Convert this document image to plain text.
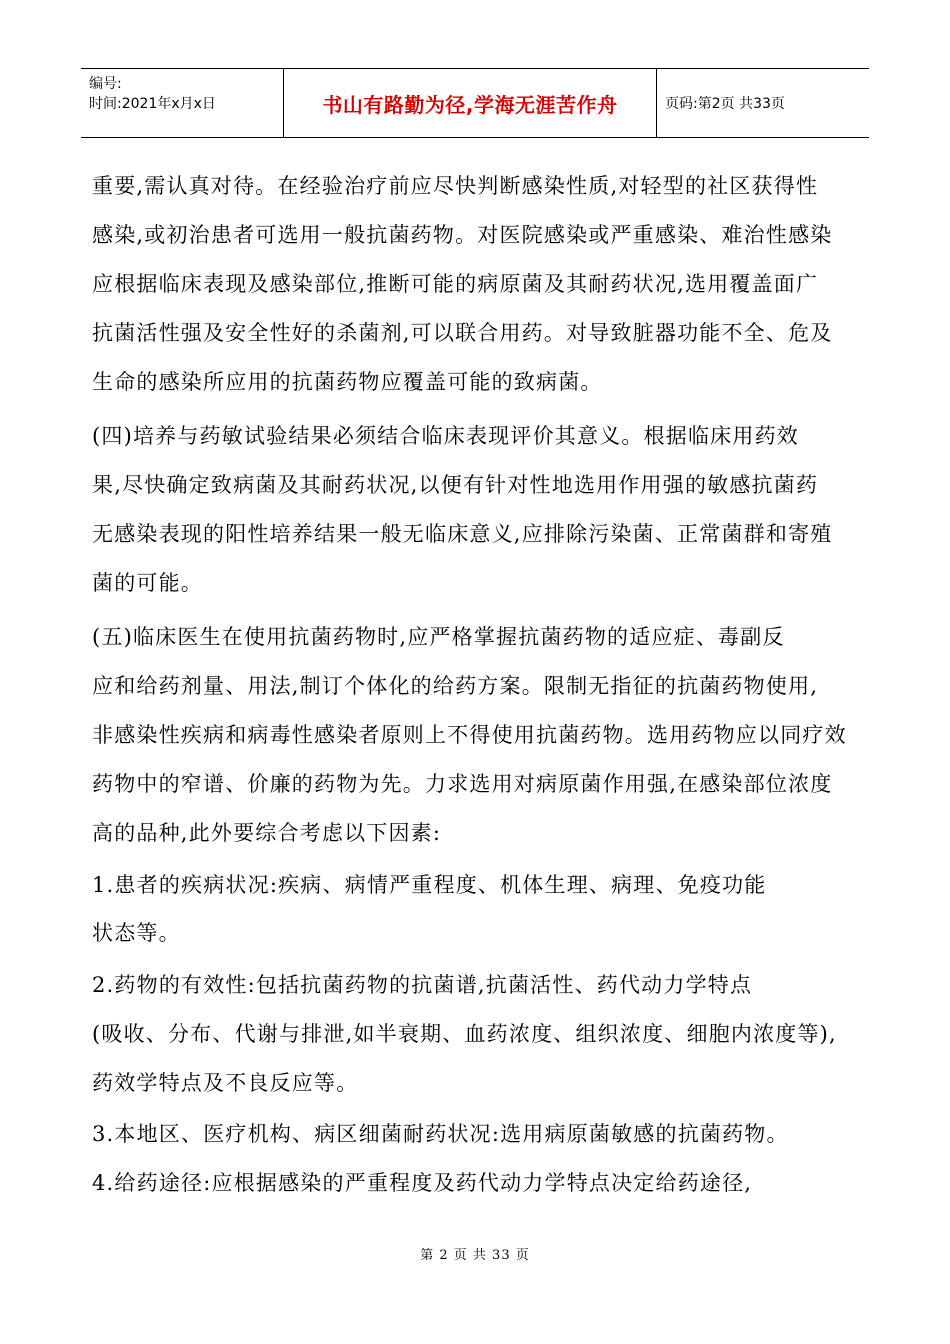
编号:
时间:2021年x月x日	书山有路勤为径,学海无涯苦作舟	页码:第2页 共33页
重要,需认真对待。在经验治疗前应尽快判断感染性质,对轻型的社区获得性
感染,或初治患者可选用一般抗菌药物。对医院感染或严重感染、难治性感染
应根据临床表现及感染部位,推断可能的病原菌及其耐药状况,选用覆盖面广
抗菌活性强及安全性好的杀菌剂,可以联合用药。对导致脏器功能不全、危及
生命的感染所应用的抗菌药物应覆盖可能的致病菌。
(四)培养与药敏试验结果必须结合临床表现评价其意义。根据临床用药效
果,尽快确定致病菌及其耐药状况,以便有针对性地选用作用强的敏感抗菌药
无感染表现的阳性培养结果一般无临床意义,应排除污染菌、正常菌群和寄殖
菌的可能。
(五)临床医生在使用抗菌药物时,应严格掌握抗菌药物的适应症、毒副反
应和给药剂量、用法,制订个体化的给药方案。限制无指征的抗菌药物使用,
非感染性疾病和病毒性感染者原则上不得使用抗菌药物。选用药物应以同疗效
药物中的窄谱、价廉的药物为先。力求选用对病原菌作用强,在感染部位浓度
高的品种,此外要综合考虑以下因素:
1.患者的疾病状况:疾病、病情严重程度、机体生理、病理、免疫功能
状态等。
2.药物的有效性:包括抗菌药物的抗菌谱,抗菌活性、药代动力学特点
(吸收、分布、代谢与排泄,如半衰期、血药浓度、组织浓度、细胞内浓度等),
药效学特点及不良反应等。
3.本地区、医疗机构、病区细菌耐药状况:选用病原菌敏感的抗菌药物。
4.给药途径:应根据感染的严重程度及药代动力学特点决定给药途径,
第 2 页 共 33 页
